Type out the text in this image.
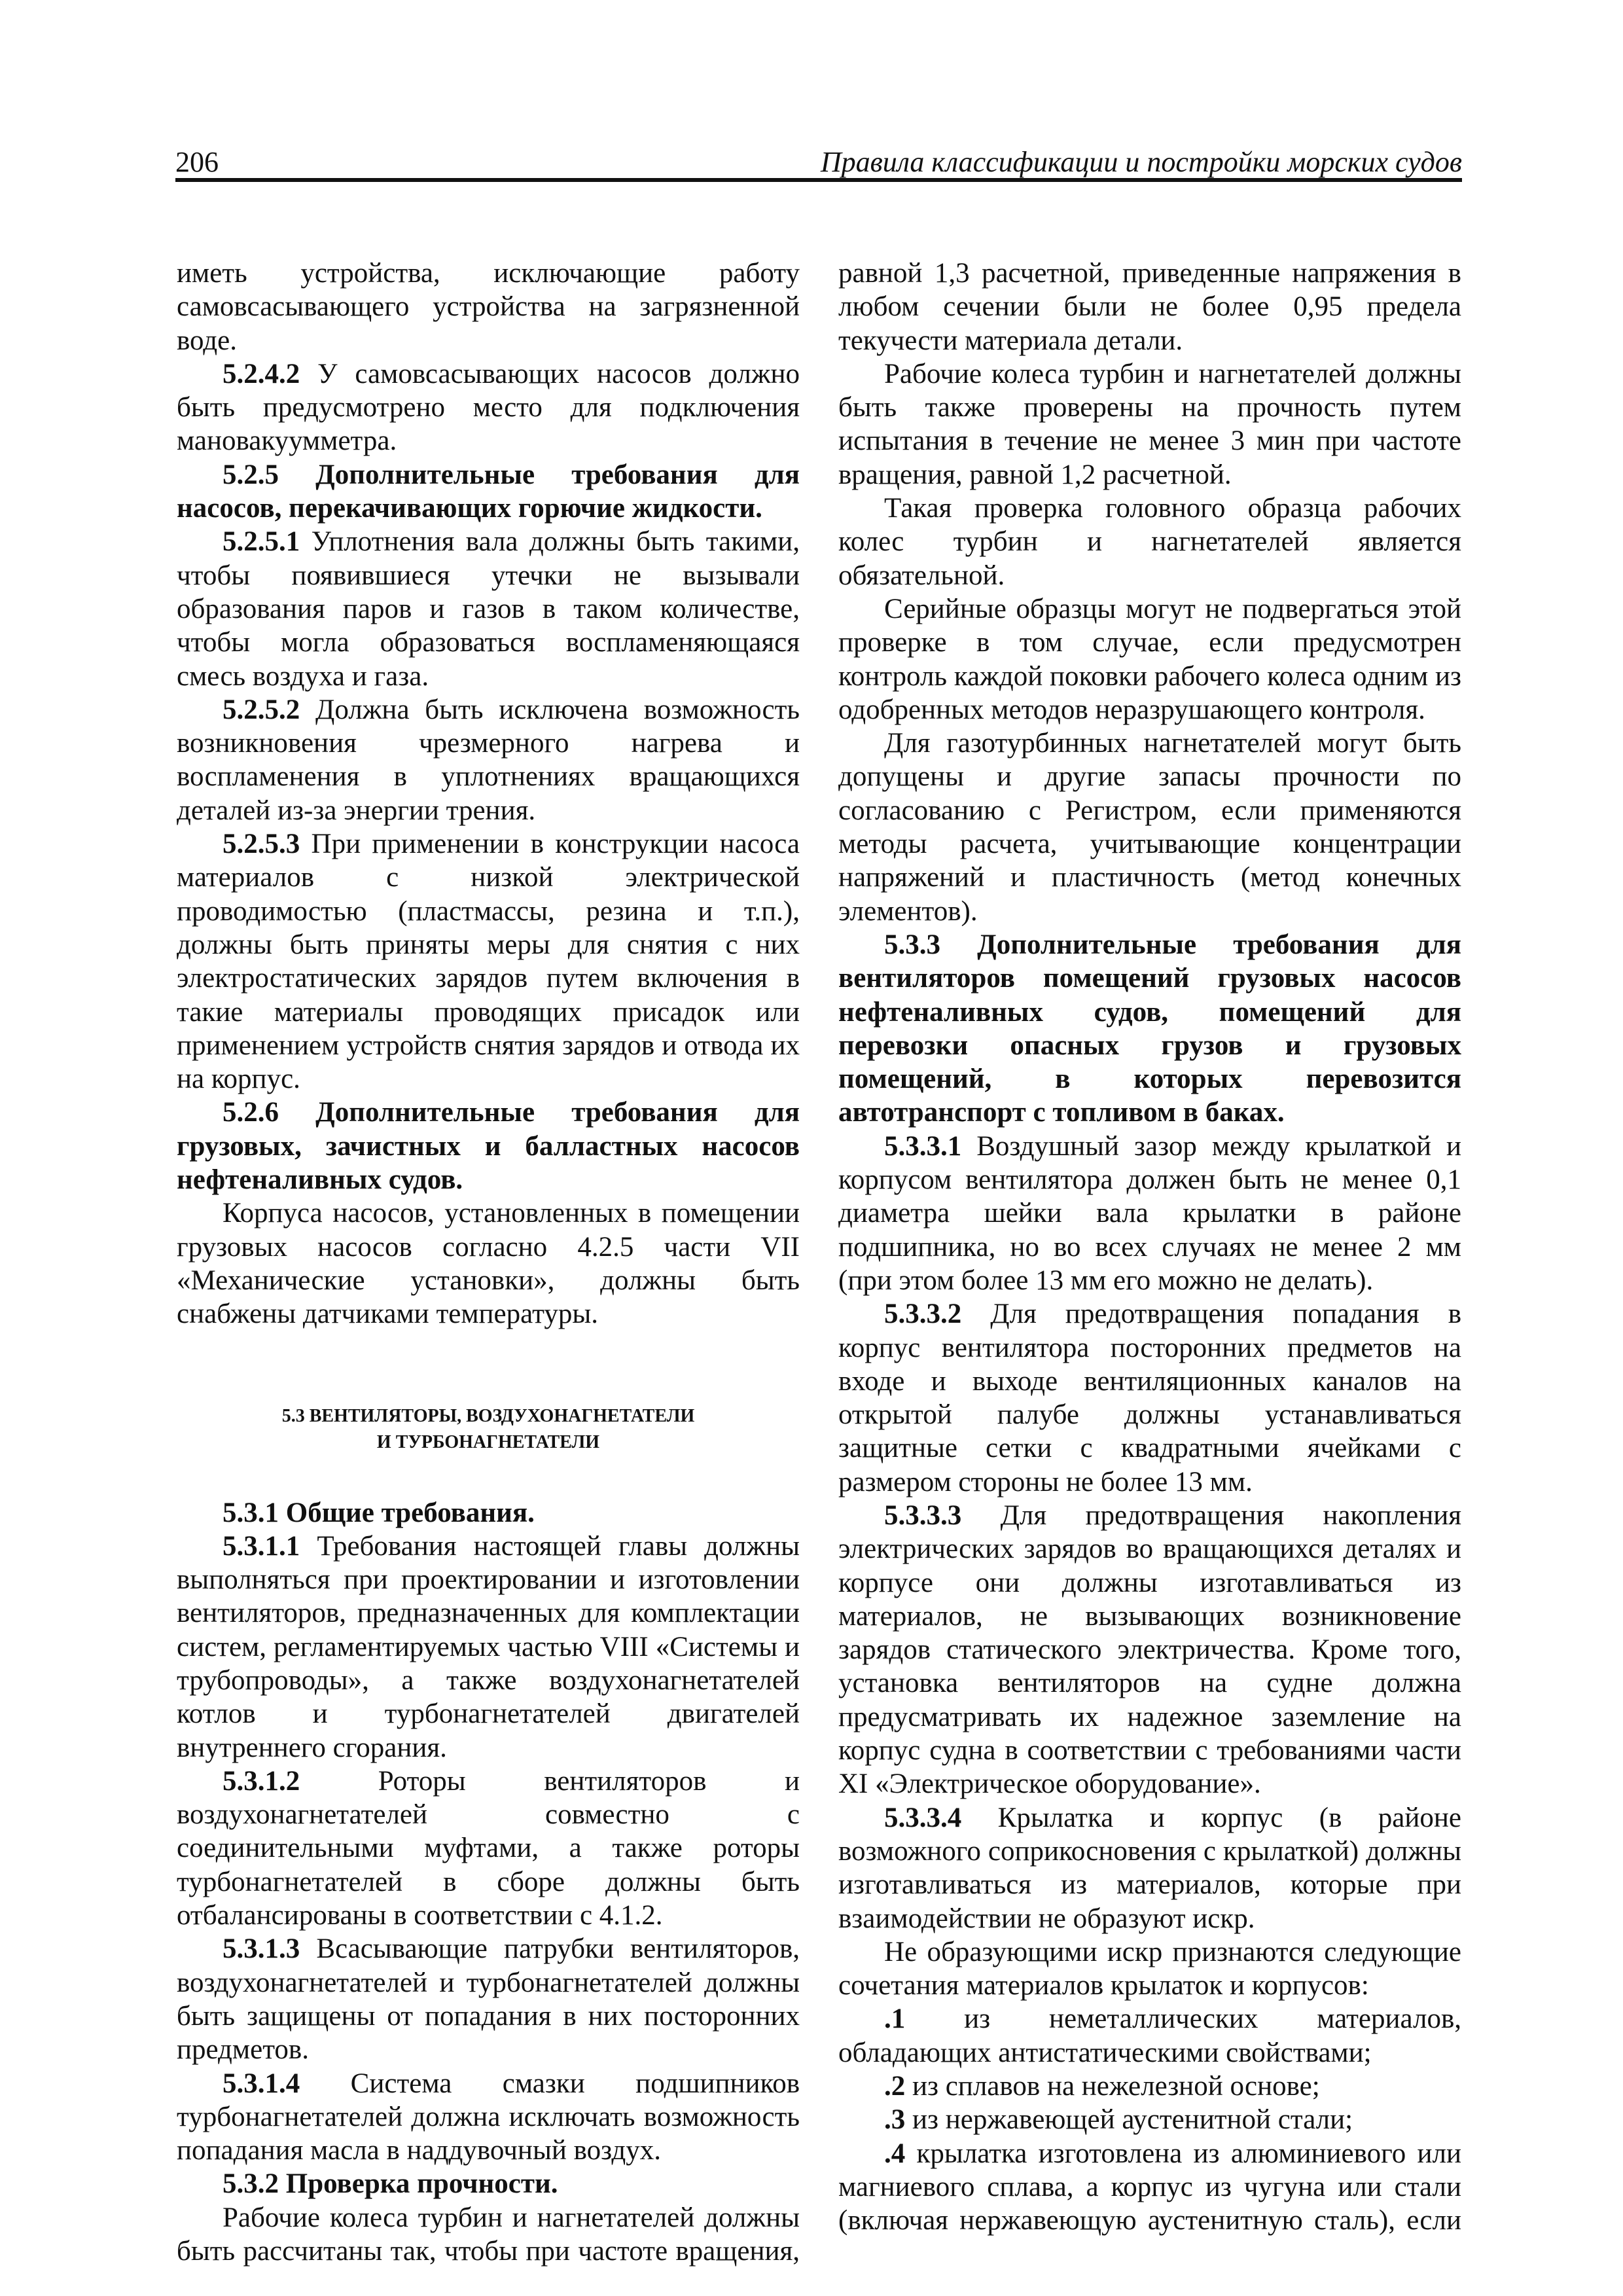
206	Правила классификации и постройки морских судов

иметь устройства, исключающие работу самовсасывающего устройства на загрязненной воде.

5.2.4.2 У самовсасывающих насосов должно быть предусмотрено место для подключения мановакуумметра.

5.2.5 Дополнительные требования для насосов, перекачивающих горючие жидкости.

5.2.5.1 Уплотнения вала должны быть такими, чтобы появившиеся утечки не вызывали образования паров и газов в таком количестве, чтобы могла образоваться воспламеняющаяся смесь воздуха и газа.

5.2.5.2 Должна быть исключена возможность возникновения чрезмерного нагрева и воспламенения в уплотнениях вращающихся деталей из-за энергии трения.

5.2.5.3 При применении в конструкции насоса материалов с низкой электрической проводимостью (пластмассы, резина и т.п.), должны быть приняты меры для снятия с них электростатических зарядов путем включения в такие материалы проводящих присадок или применением устройств снятия зарядов и отвода их на корпус.

5.2.6 Дополнительные требования для грузовых, зачистных и балластных насосов нефтеналивных судов.

Корпуса насосов, установленных в помещении грузовых насосов согласно 4.2.5 части VII «Механические установки», должны быть снабжены датчиками температуры.

5.3 ВЕНТИЛЯТОРЫ, ВОЗДУХОНАГНЕТАТЕЛИ
И ТУРБОНАГНЕТАТЕЛИ

5.3.1 Общие требования.

5.3.1.1 Требования настоящей главы должны выполняться при проектировании и изготовлении вентиляторов, предназначенных для комплектации систем, регламентируемых частью VIII «Системы и трубопроводы», а также воздухонагнетателей котлов и турбонагнетателей двигателей внутреннего сгорания.

5.3.1.2 Роторы вентиляторов и воздухонагнетателей совместно с соединительными муфтами, а также роторы турбонагнетателей в сборе должны быть отбалансированы в соответствии с 4.1.2.

5.3.1.3 Всасывающие патрубки вентиляторов, воздухонагнетателей и турбонагнетателей должны быть защищены от попадания в них посторонних предметов.

5.3.1.4 Система смазки подшипников турбонагнетателей должна исключать возможность попадания масла в наддувочный воздух.

5.3.2 Проверка прочности.

Рабочие колеса турбин и нагнетателей должны быть рассчитаны так, чтобы при частоте вращения,

равной 1,3 расчетной, приведенные напряжения в любом сечении были не более 0,95 предела текучести материала детали.

Рабочие колеса турбин и нагнетателей должны быть также проверены на прочность путем испытания в течение не менее 3 мин при частоте вращения, равной 1,2 расчетной.

Такая проверка головного образца рабочих колес турбин и нагнетателей является обязательной.

Серийные образцы могут не подвергаться этой проверке в том случае, если предусмотрен контроль каждой поковки рабочего колеса одним из одобренных методов неразрушающего контроля.

Для газотурбинных нагнетателей могут быть допущены и другие запасы прочности по согласованию с Регистром, если применяются методы расчета, учитывающие концентрации напряжений и пластичность (метод конечных элементов).

5.3.3 Дополнительные требования для вентиляторов помещений грузовых насосов нефтеналивных судов, помещений для перевозки опасных грузов и грузовых помещений, в которых перевозится автотранспорт с топливом в баках.

5.3.3.1 Воздушный зазор между крылаткой и корпусом вентилятора должен быть не менее 0,1 диаметра шейки вала крылатки в районе подшипника, но во всех случаях не менее 2 мм (при этом более 13 мм его можно не делать).

5.3.3.2 Для предотвращения попадания в корпус вентилятора посторонних предметов на входе и выходе вентиляционных каналов на открытой палубе должны устанавливаться защитные сетки с квадратными ячейками с размером стороны не более 13 мм.

5.3.3.3 Для предотвращения накопления электрических зарядов во вращающихся деталях и корпусе они должны изготавливаться из материалов, не вызывающих возникновение зарядов статического электричества. Кроме того, установка вентиляторов на судне должна предусматривать их надежное заземление на корпус судна в соответствии с требованиями части XI «Электрическое оборудование».

5.3.3.4 Крылатка и корпус (в районе возможного соприкосновения с крылаткой) должны изготавливаться из материалов, которые при взаимодействии не образуют искр.

Не образующими искр признаются следующие сочетания материалов крылаток и корпусов:

.1 из неметаллических материалов, обладающих антистатическими свойствами;

.2 из сплавов на нежелезной основе;

.3 из нержавеющей аустенитной стали;

.4 крылатка изготовлена из алюминиевого или магниевого сплава, а корпус из чугуна или стали (включая нержавеющую аустенитную сталь), если
